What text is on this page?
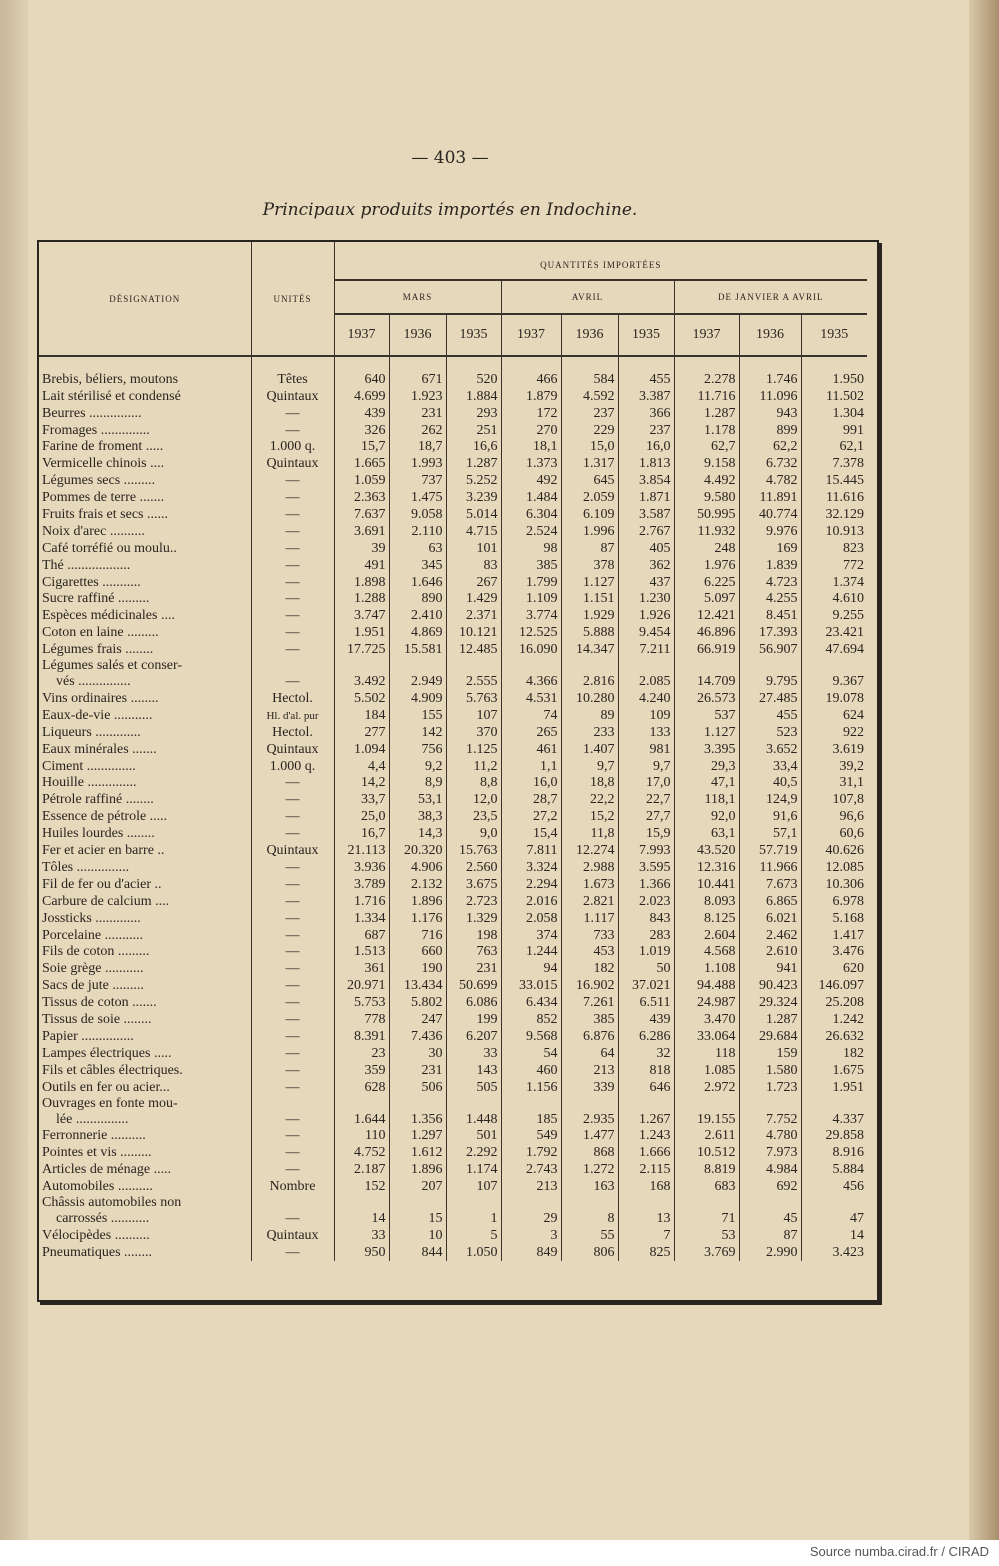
— 403 —
Principaux produits importés en Indochine.
DÉSIGNATION	UNITÉS	QUANTITÉS IMPORTÉES								
		MARS			AVRIL			DE JANVIER A AVRIL		
		1937	1936	1935	1937	1936	1935	1937	1936	1935

Brebis, béliers, moutons	Têtes	640	671	520	466	584	455	2.278	1.746	1.950

Lait stérilisé et condensé	Quintaux	4.699	1.923	1.884	1.879	4.592	3.387	11.716	11.096	11.502

Beurres ...............	—	439	231	293	172	237	366	1.287	943	1.304

Fromages ..............	—	326	262	251	270	229	237	1.178	899	991

Farine de froment .....	1.000 q.	15,7	18,7	16,6	18,1	15,0	16,0	62,7	62,2	62,1

Vermicelle chinois ....	Quintaux	1.665	1.993	1.287	1.373	1.317	1.813	9.158	6.732	7.378

Légumes secs .........	—	1.059	737	5.252	492	645	3.854	4.492	4.782	15.445

Pommes de terre .......	—	2.363	1.475	3.239	1.484	2.059	1.871	9.580	11.891	11.616

Fruits frais et secs ......	—	7.637	9.058	5.014	6.304	6.109	3.587	50.995	40.774	32.129

Noix d'arec ..........	—	3.691	2.110	4.715	2.524	1.996	2.767	11.932	9.976	10.913

Café torréfié ou moulu..	—	39	63	101	98	87	405	248	169	823

Thé ..................	—	491	345	83	385	378	362	1.976	1.839	772

Cigarettes ...........	—	1.898	1.646	267	1.799	1.127	437	6.225	4.723	1.374

Sucre raffiné .........	—	1.288	890	1.429	1.109	1.151	1.230	5.097	4.255	4.610

Espèces médicinales ....	—	3.747	2.410	2.371	3.774	1.929	1.926	12.421	8.451	9.255

Coton en laine .........	—	1.951	4.869	10.121	12.525	5.888	9.454	46.896	17.393	23.421

Légumes frais ........	—	17.725	15.581	12.485	16.090	14.347	7.211	66.919	56.907	47.694

Légumes salés et conser-
vés ...............	—	3.492	2.949	2.555	4.366	2.816	2.085	14.709	9.795	9.367

Vins ordinaires ........	Hectol.	5.502	4.909	5.763	4.531	10.280	4.240	26.573	27.485	19.078

Eaux-de-vie ...........	Hl. d'al. pur	184	155	107	74	89	109	537	455	624

Liqueurs .............	Hectol.	277	142	370	265	233	133	1.127	523	922

Eaux minérales .......	Quintaux	1.094	756	1.125	461	1.407	981	3.395	3.652	3.619

Ciment ..............	1.000 q.	4,4	9,2	11,2	1,1	9,7	9,7	29,3	33,4	39,2

Houille ..............	—	14,2	8,9	8,8	16,0	18,8	17,0	47,1	40,5	31,1

Pétrole raffiné ........	—	33,7	53,1	12,0	28,7	22,2	22,7	118,1	124,9	107,8

Essence de pétrole .....	—	25,0	38,3	23,5	27,2	15,2	27,7	92,0	91,6	96,6

Huiles lourdes ........	—	16,7	14,3	9,0	15,4	11,8	15,9	63,1	57,1	60,6

Fer et acier en barre ..	Quintaux	21.113	20.320	15.763	7.811	12.274	7.993	43.520	57.719	40.626

Tôles ...............	—	3.936	4.906	2.560	3.324	2.988	3.595	12.316	11.966	12.085

Fil de fer ou d'acier ..	—	3.789	2.132	3.675	2.294	1.673	1.366	10.441	7.673	10.306

Carbure de calcium ....	—	1.716	1.896	2.723	2.016	2.821	2.023	8.093	6.865	6.978

Jossticks .............	—	1.334	1.176	1.329	2.058	1.117	843	8.125	6.021	5.168

Porcelaine ...........	—	687	716	198	374	733	283	2.604	2.462	1.417

Fils de coton .........	—	1.513	660	763	1.244	453	1.019	4.568	2.610	3.476

Soie grège ...........	—	361	190	231	94	182	50	1.108	941	620

Sacs de jute .........	—	20.971	13.434	50.699	33.015	16.902	37.021	94.488	90.423	146.097

Tissus de coton .......	—	5.753	5.802	6.086	6.434	7.261	6.511	24.987	29.324	25.208

Tissus de soie ........	—	778	247	199	852	385	439	3.470	1.287	1.242

Papier ...............	—	8.391	7.436	6.207	9.568	6.876	6.286	33.064	29.684	26.632

Lampes électriques .....	—	23	30	33	54	64	32	118	159	182

Fils et câbles électriques.	—	359	231	143	460	213	818	1.085	1.580	1.675

Outils en fer ou acier...	—	628	506	505	1.156	339	646	2.972	1.723	1.951

Ouvrages en fonte mou-
lée ...............	—	1.644	1.356	1.448	185	2.935	1.267	19.155	7.752	4.337

Ferronnerie ..........	—	110	1.297	501	549	1.477	1.243	2.611	4.780	29.858

Pointes et vis .........	—	4.752	1.612	2.292	1.792	868	1.666	10.512	7.973	8.916

Articles de ménage .....	—	2.187	1.896	1.174	2.743	1.272	2.115	8.819	4.984	5.884

Automobiles ..........	Nombre	152	207	107	213	163	168	683	692	456

Châssis automobiles non
carrossés ...........	—	14	15	1	29	8	13	71	45	47

Vélocipèdes ..........	Quintaux	33	10	5	3	55	7	53	87	14

Pneumatiques ........	—	950	844	1.050	849	806	825	3.769	2.990	3.423
Source numba.cirad.fr / CIRAD
